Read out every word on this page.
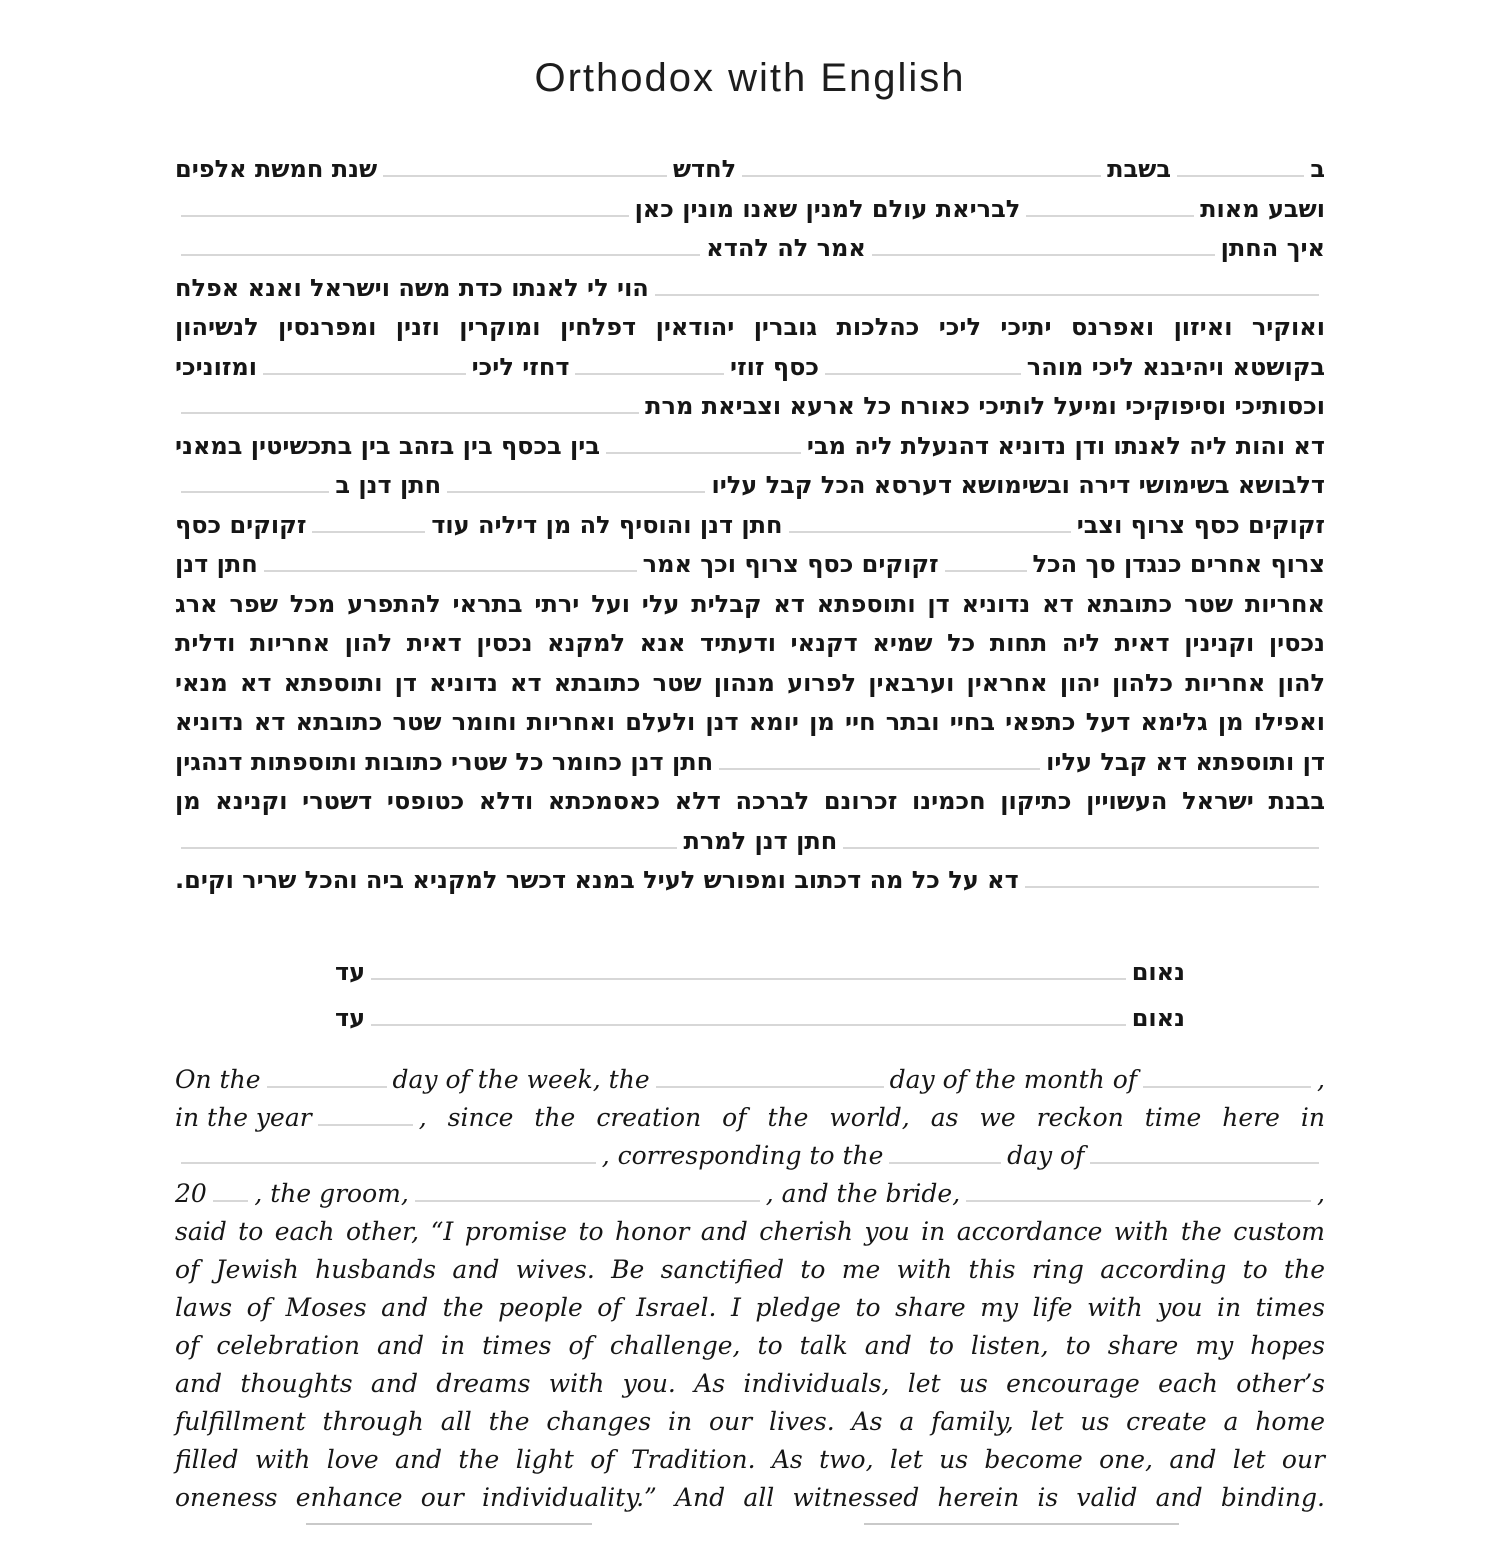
Orthodox with English
ב
בשבת
לחדש
שנת חמשת אלפים
ושבע מאות
לבריאת עולם למנין שאנו מונין כאן
איך החתן
אמר לה להדא
הוי לי לאנתו כדת משה וישראל ואנא אפלח
ואוקיר ואיזון ואפרנס יתיכי ליכי כהלכות גוברין יהודאין דפלחין ומוקרין וזנין ומפרנסין לנשיהון
בקושטא ויהיבנא ליכי מוהר
כסף זוזי
דחזי ליכי
ומזוניכי
וכסותיכי וסיפוקיכי ומיעל לותיכי כאורח כל ארעא וצביאת מרת
דא והות ליה לאנתו ודן נדוניא דהנעלת ליה מבי
בין בכסף בין בזהב בין בתכשיטין במאני
דלבושא בשימושי דירה ובשימושא דערסא הכל קבל עליו
חתן דנן ב
זקוקים כסף צרוף וצבי
חתן דנן והוסיף לה מן דיליה עוד
זקוקים כסף
צרוף אחרים כנגדן סך הכל
זקוקים כסף צרוף וכך אמר
חתן דנן
אחריות שטר כתובתא דא נדוניא דן ותוספתא דא קבלית עלי ועל ירתי בתראי להתפרע מכל שפר ארג
נכסין וקנינין דאית ליה תחות כל שמיא דקנאי ודעתיד אנא למקנא נכסין דאית להון אחריות ודלית
להון אחריות כלהון יהון אחראין וערבאין לפרוע מנהון שטר כתובתא דא נדוניא דן ותוספתא דא מנאי
ואפילו מן גלימא דעל כתפאי בחיי ובתר חיי מן יומא דנן ולעלם ואחריות וחומר שטר כתובתא דא נדוניא
דן ותוספתא דא קבל עליו
חתן דנן כחומר כל שטרי כתובות ותוספתות דנהגין
בבנת ישראל העשויין כתיקון חכמינו זכרונם לברכה דלא כאסמכתא ודלא כטופסי דשטרי וקנינא מן
חתן דנן למרת
דא על כל מה דכתוב ומפורש לעיל במנא דכשר למקניא ביה והכל שריר וקים.
נאום
עד
נאום
עד
On the	day of the week, the	day of the month of	,
in the year	, since the creation of the world, as we reckon time here in
, corresponding to the	day of
20 , the groom,	, and the bride,	,
said to each other, “I promise to honor and cherish you in accordance with the custom
of Jewish husbands and wives. Be sanctified to me with this ring according to the
laws of Moses and the people of Israel. I pledge to share my life with you in times
of celebration and in times of challenge, to talk and to listen, to share my hopes
and thoughts and dreams with you. As individuals, let us encourage each other’s
fulfillment through all the changes in our lives. As a family, let us create a home
filled with love and the light of Tradition. As two, let us become one, and let our
oneness enhance our individuality.” And all witnessed herein is valid and binding.
